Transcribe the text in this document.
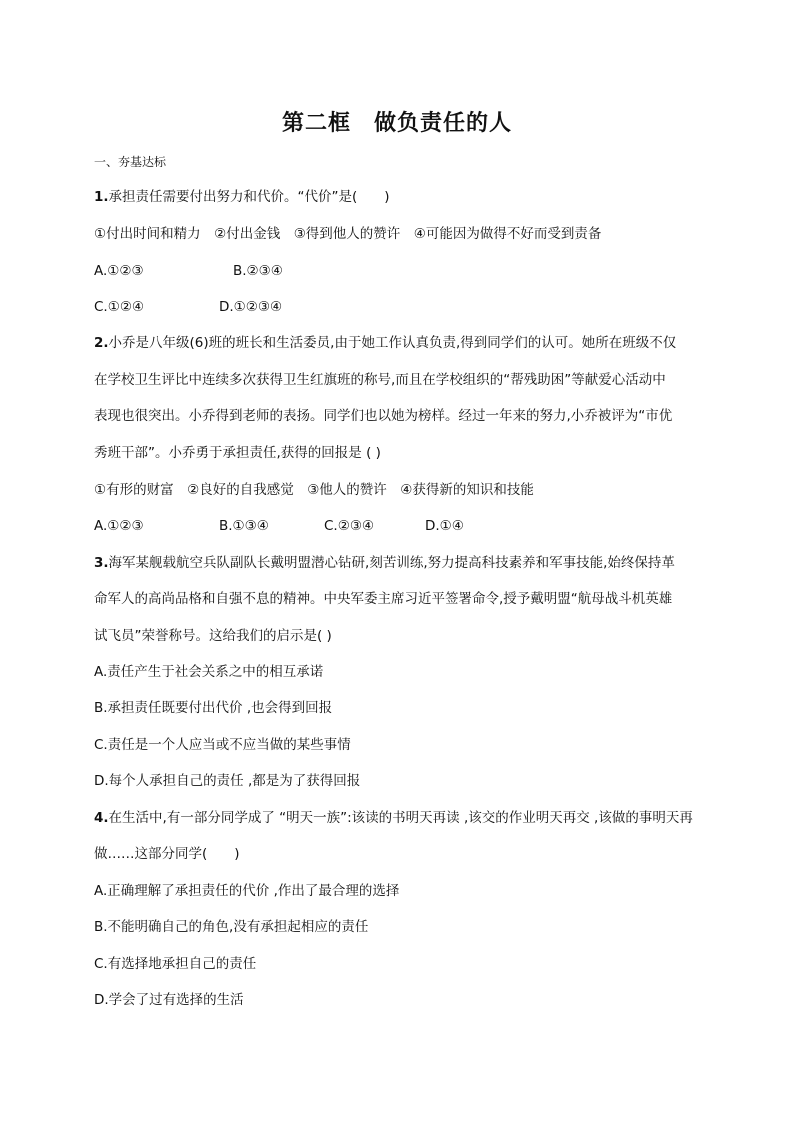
第二框　做负责任的人
一、夯基达标
1.承担责任需要付出努力和代价。“代价”是(　　)
①付出时间和精力　②付出金钱　③得到他人的赞许　④可能因为做得不好而受到责备
A.①②③	B.②③④
C.①②④	D.①②③④
2.小乔是八年级(6)班的班长和生活委员,由于她工作认真负责,得到同学们的认可。她所在班级不仅
在学校卫生评比中连续多次获得卫生红旗班的称号,而且在学校组织的“帮残助困”等献爱心活动中
表现也很突出。小乔得到老师的表扬。同学们也以她为榜样。经过一年来的努力,小乔被评为“市优
秀班干部”。小乔勇于承担责任,获得的回报是 ( )
①有形的财富　②良好的自我感觉　③他人的赞许　④获得新的知识和技能
A.①②③	B.①③④	C.②③④	D.①④
3.海军某舰载航空兵队副队长戴明盟潜心钻研,刻苦训练,努力提高科技素养和军事技能,始终保持革
命军人的高尚品格和自强不息的精神。中央军委主席习近平签署命令,授予戴明盟“航母战斗机英雄
试飞员”荣誉称号。这给我们的启示是( )
A.责任产生于社会关系之中的相互承诺
B.承担责任既要付出代价 ,也会得到回报
C.责任是一个人应当或不应当做的某些事情
D.每个人承担自己的责任 ,都是为了获得回报
4.在生活中,有一部分同学成了 “明天一族”:该读的书明天再读 ,该交的作业明天再交 ,该做的事明天再
做……这部分同学(　　)
A.正确理解了承担责任的代价 ,作出了最合理的选择
B.不能明确自己的角色,没有承担起相应的责任
C.有选择地承担自己的责任
D.学会了过有选择的生活
